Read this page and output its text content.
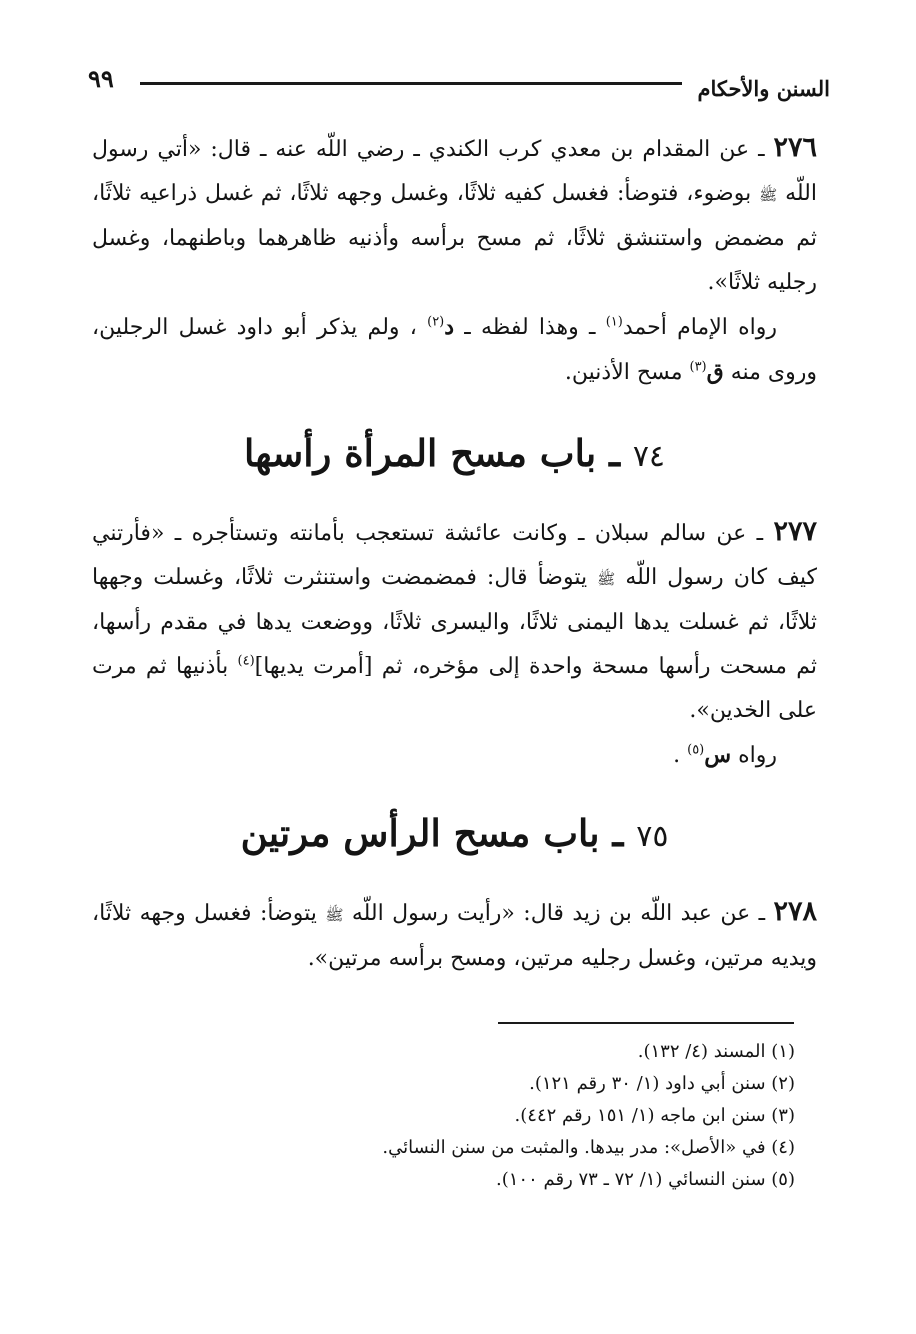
السنن والأحكام
٩٩

٢٧٦ ـ عن المقدام بن معدي كرب الكندي ـ رضي اللّه عنه ـ قال: «أتي رسول اللّه ﷺ بوضوء، فتوضأ: فغسل كفيه ثلاثًا، وغسل وجهه ثلاثًا، ثم غسل ذراعيه ثلاثًا، ثم مضمض واستنشق ثلاثًا، ثم مسح برأسه وأذنيه ظاهرهما وباطنهما، وغسل رجليه ثلاثًا».

رواه الإمام أحمد$^{(١)}$ ـ وهذا لفظه ـ د$^{(٢)}$ ، ولم يذكر أبو داود غسل الرجلين، وروى منه ق$^{(٣)}$ مسح الأذنين.

٧٤ ـ باب مسح المرأة رأسها

٢٧٧ ـ عن سالم سبلان ـ وكانت عائشة تستعجب بأمانته وتستأجره ـ «فأرتني كيف كان رسول اللّه ﷺ يتوضأ قال: فمضمضت واستنثرت ثلاثًا، وغسلت وجهها ثلاثًا، ثم غسلت يدها اليمنى ثلاثًا، واليسرى ثلاثًا، ووضعت يدها في مقدم رأسها، ثم مسحت رأسها مسحة واحدة إلى مؤخره، ثم [أمرت يديها]$^{(٤)}$ بأذنيها ثم مرت على الخدين».

رواه س$^{(٥)}$ .

٧٥ ـ باب مسح الرأس مرتين

٢٧٨ ـ عن عبد اللّه بن زيد قال: «رأيت رسول اللّه ﷺ يتوضأ: فغسل وجهه ثلاثًا، ويديه مرتين، وغسل رجليه مرتين، ومسح برأسه مرتين».

(١) المسند (٤/ ١٣٢).
(٢) سنن أبي داود (١/ ٣٠ رقم ١٢١).
(٣) سنن ابن ماجه (١/ ١٥١ رقم ٤٤٢).
(٤) في «الأصل»: مدر بيدها. والمثبت من سنن النسائي.
(٥) سنن النسائي (١/ ٧٢ ـ ٧٣ رقم ١٠٠).
